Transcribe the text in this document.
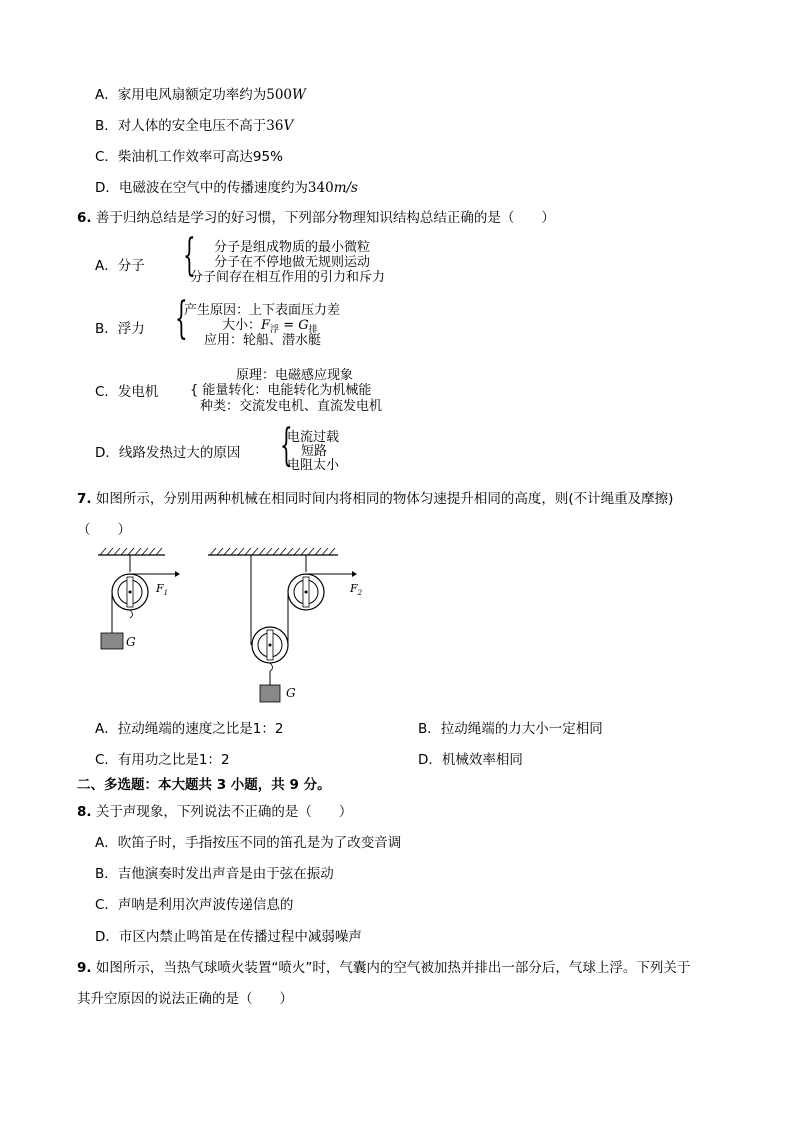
A．家用电风扇额定功率约为500W
B．对人体的安全电压不高于36V
C．柴油机工作效率可高达95%
D．电磁波在空气中的传播速度约为340m/s
6. 善于归纳总结是学习的好习惯，下列部分物理知识结构总结正确的是（　　）
A．分子 { 分子是组成物质的最小微粒
分子在不停地做无规则运动
分子间存在相互作用的引力和斥力
B．浮力 {
产生原因：上下表面压力差
大小：$F_浮 = G_排$
应用：轮船、潜水艇
C．发电机
原理：电磁感应现象
{ 能量转化：电能转化为机械能
种类：交流发电机、直流发电机
D．线路发热过大的原因 {
电流过载
短路
电阻太小
7. 如图所示，分别用两种机械在相同时间内将相同的物体匀速提升相同的高度，则(不计绳重及摩擦)
（　　）
$F_1$
G
$F_2$
G
A．拉动绳端的速度之比是1：2	B．拉动绳端的力大小一定相同
C．有用功之比是1：2	D．机械效率相同
二、多选题：本大题共 3 小题，共 9 分。
8. 关于声现象，下列说法不正确的是（　　）
A．吹笛子时，手指按压不同的笛孔是为了改变音调
B．吉他演奏时发出声音是由于弦在振动
C．声呐是利用次声波传递信息的
D．市区内禁止鸣笛是在传播过程中减弱噪声
9. 如图所示，当热气球喷火装置“喷火”时，气囊内的空气被加热并排出一部分后，气球上浮。下列关于
其升空原因的说法正确的是（　　）
